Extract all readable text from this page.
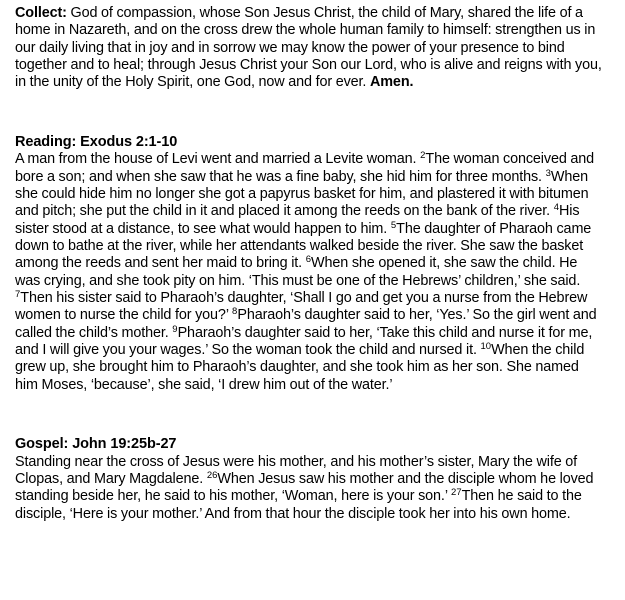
Collect: God of compassion, whose Son Jesus Christ, the child of Mary, shared the life of a home in Nazareth, and on the cross drew the whole human family to himself: strengthen us in our daily living that in joy and in sorrow we may know the power of your presence to bind together and to heal; through Jesus Christ your Son our Lord, who is alive and reigns with you, in the unity of the Holy Spirit, one God, now and for ever. Amen.

Reading: Exodus 2:1-10

A man from the house of Levi went and married a Levite woman. $^2$The woman conceived and bore a son; and when she saw that he was a fine baby, she hid him for three months. $^3$When she could hide him no longer she got a papyrus basket for him, and plastered it with bitumen and pitch; she put the child in it and placed it among the reeds on the bank of the river. $^4$His sister stood at a distance, to see what would happen to him. $^5$The daughter of Pharaoh came down to bathe at the river, while her attendants walked beside the river. She saw the basket among the reeds and sent her maid to bring it. $^6$When she opened it, she saw the child. He was crying, and she took pity on him. ‘This must be one of the Hebrews’ children,’ she said. $^7$Then his sister said to Pharaoh’s daughter, ‘Shall I go and get you a nurse from the Hebrew women to nurse the child for you?’ $^8$Pharaoh’s daughter said to her, ‘Yes.’ So the girl went and called the child’s mother. $^9$Pharaoh’s daughter said to her, ‘Take this child and nurse it for me, and I will give you your wages.’ So the woman took the child and nursed it. $^{10}$When the child grew up, she brought him to Pharaoh’s daughter, and she took him as her son. She named him Moses, ‘because’, she said, ‘I drew him out of the water.’

Gospel: John 19:25b-27

Standing near the cross of Jesus were his mother, and his mother’s sister, Mary the wife of Clopas, and Mary Magdalene. $^{26}$When Jesus saw his mother and the disciple whom he loved standing beside her, he said to his mother, ‘Woman, here is your son.’ $^{27}$Then he said to the disciple, ‘Here is your mother.’ And from that hour the disciple took her into his own home.
